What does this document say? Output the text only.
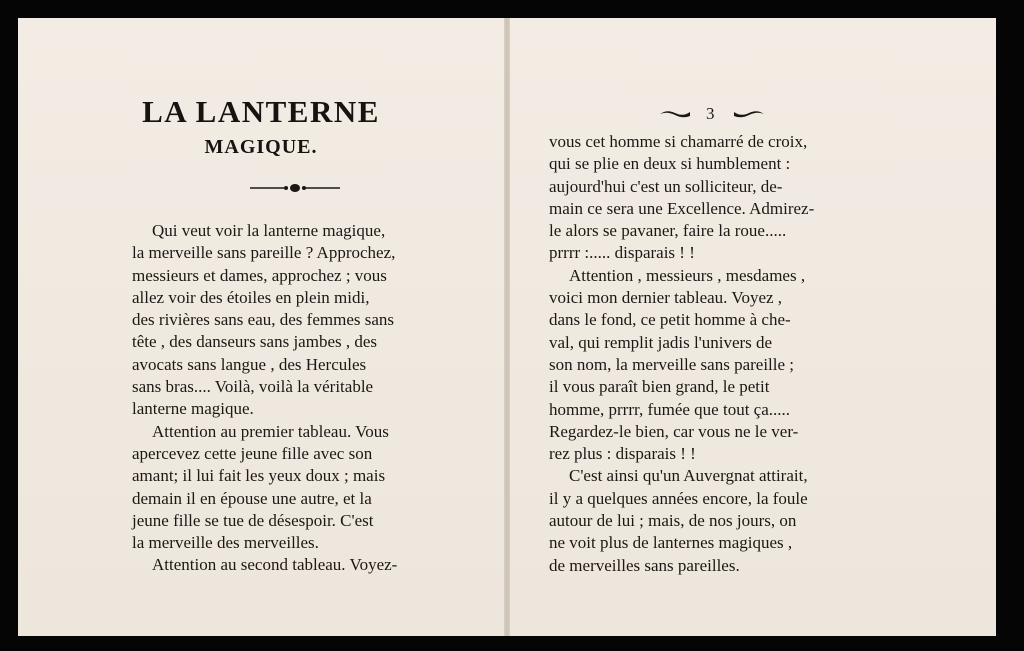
LA LANTERNE
MAGIQUE.
Qui veut voir la lanterne magique,
la merveille sans pareille ? Approchez,
messieurs et dames, approchez ; vous
allez voir des étoiles en plein midi,
des rivières sans eau, des femmes sans
tête , des danseurs sans jambes , des
avocats sans langue , des Hercules
sans bras.... Voilà, voilà la véritable
lanterne magique.
Attention au premier tableau. Vous
apercevez cette jeune fille avec son
amant; il lui fait les yeux doux ; mais
demain il en épouse une autre, et la
jeune fille se tue de désespoir. C'est
la merveille des merveilles.
Attention au second tableau. Voyez-
3
vous cet homme si chamarré de croix,
qui se plie en deux si humblement :
aujourd'hui c'est un solliciteur, de-
main ce sera une Excellence. Admirez-
le alors se pavaner, faire la roue.....
prrrr :..... disparais ! !
Attention , messieurs , mesdames ,
voici mon dernier tableau. Voyez ,
dans le fond, ce petit homme à che-
val, qui remplit jadis l'univers de
son nom, la merveille sans pareille ;
il vous paraît bien grand, le petit
homme, prrrr, fumée que tout ça.....
Regardez-le bien, car vous ne le ver-
rez plus : disparais ! !
C'est ainsi qu'un Auvergnat attirait,
il y a quelques années encore, la foule
autour de lui ; mais, de nos jours, on
ne voit plus de lanternes magiques ,
de merveilles sans pareilles.
